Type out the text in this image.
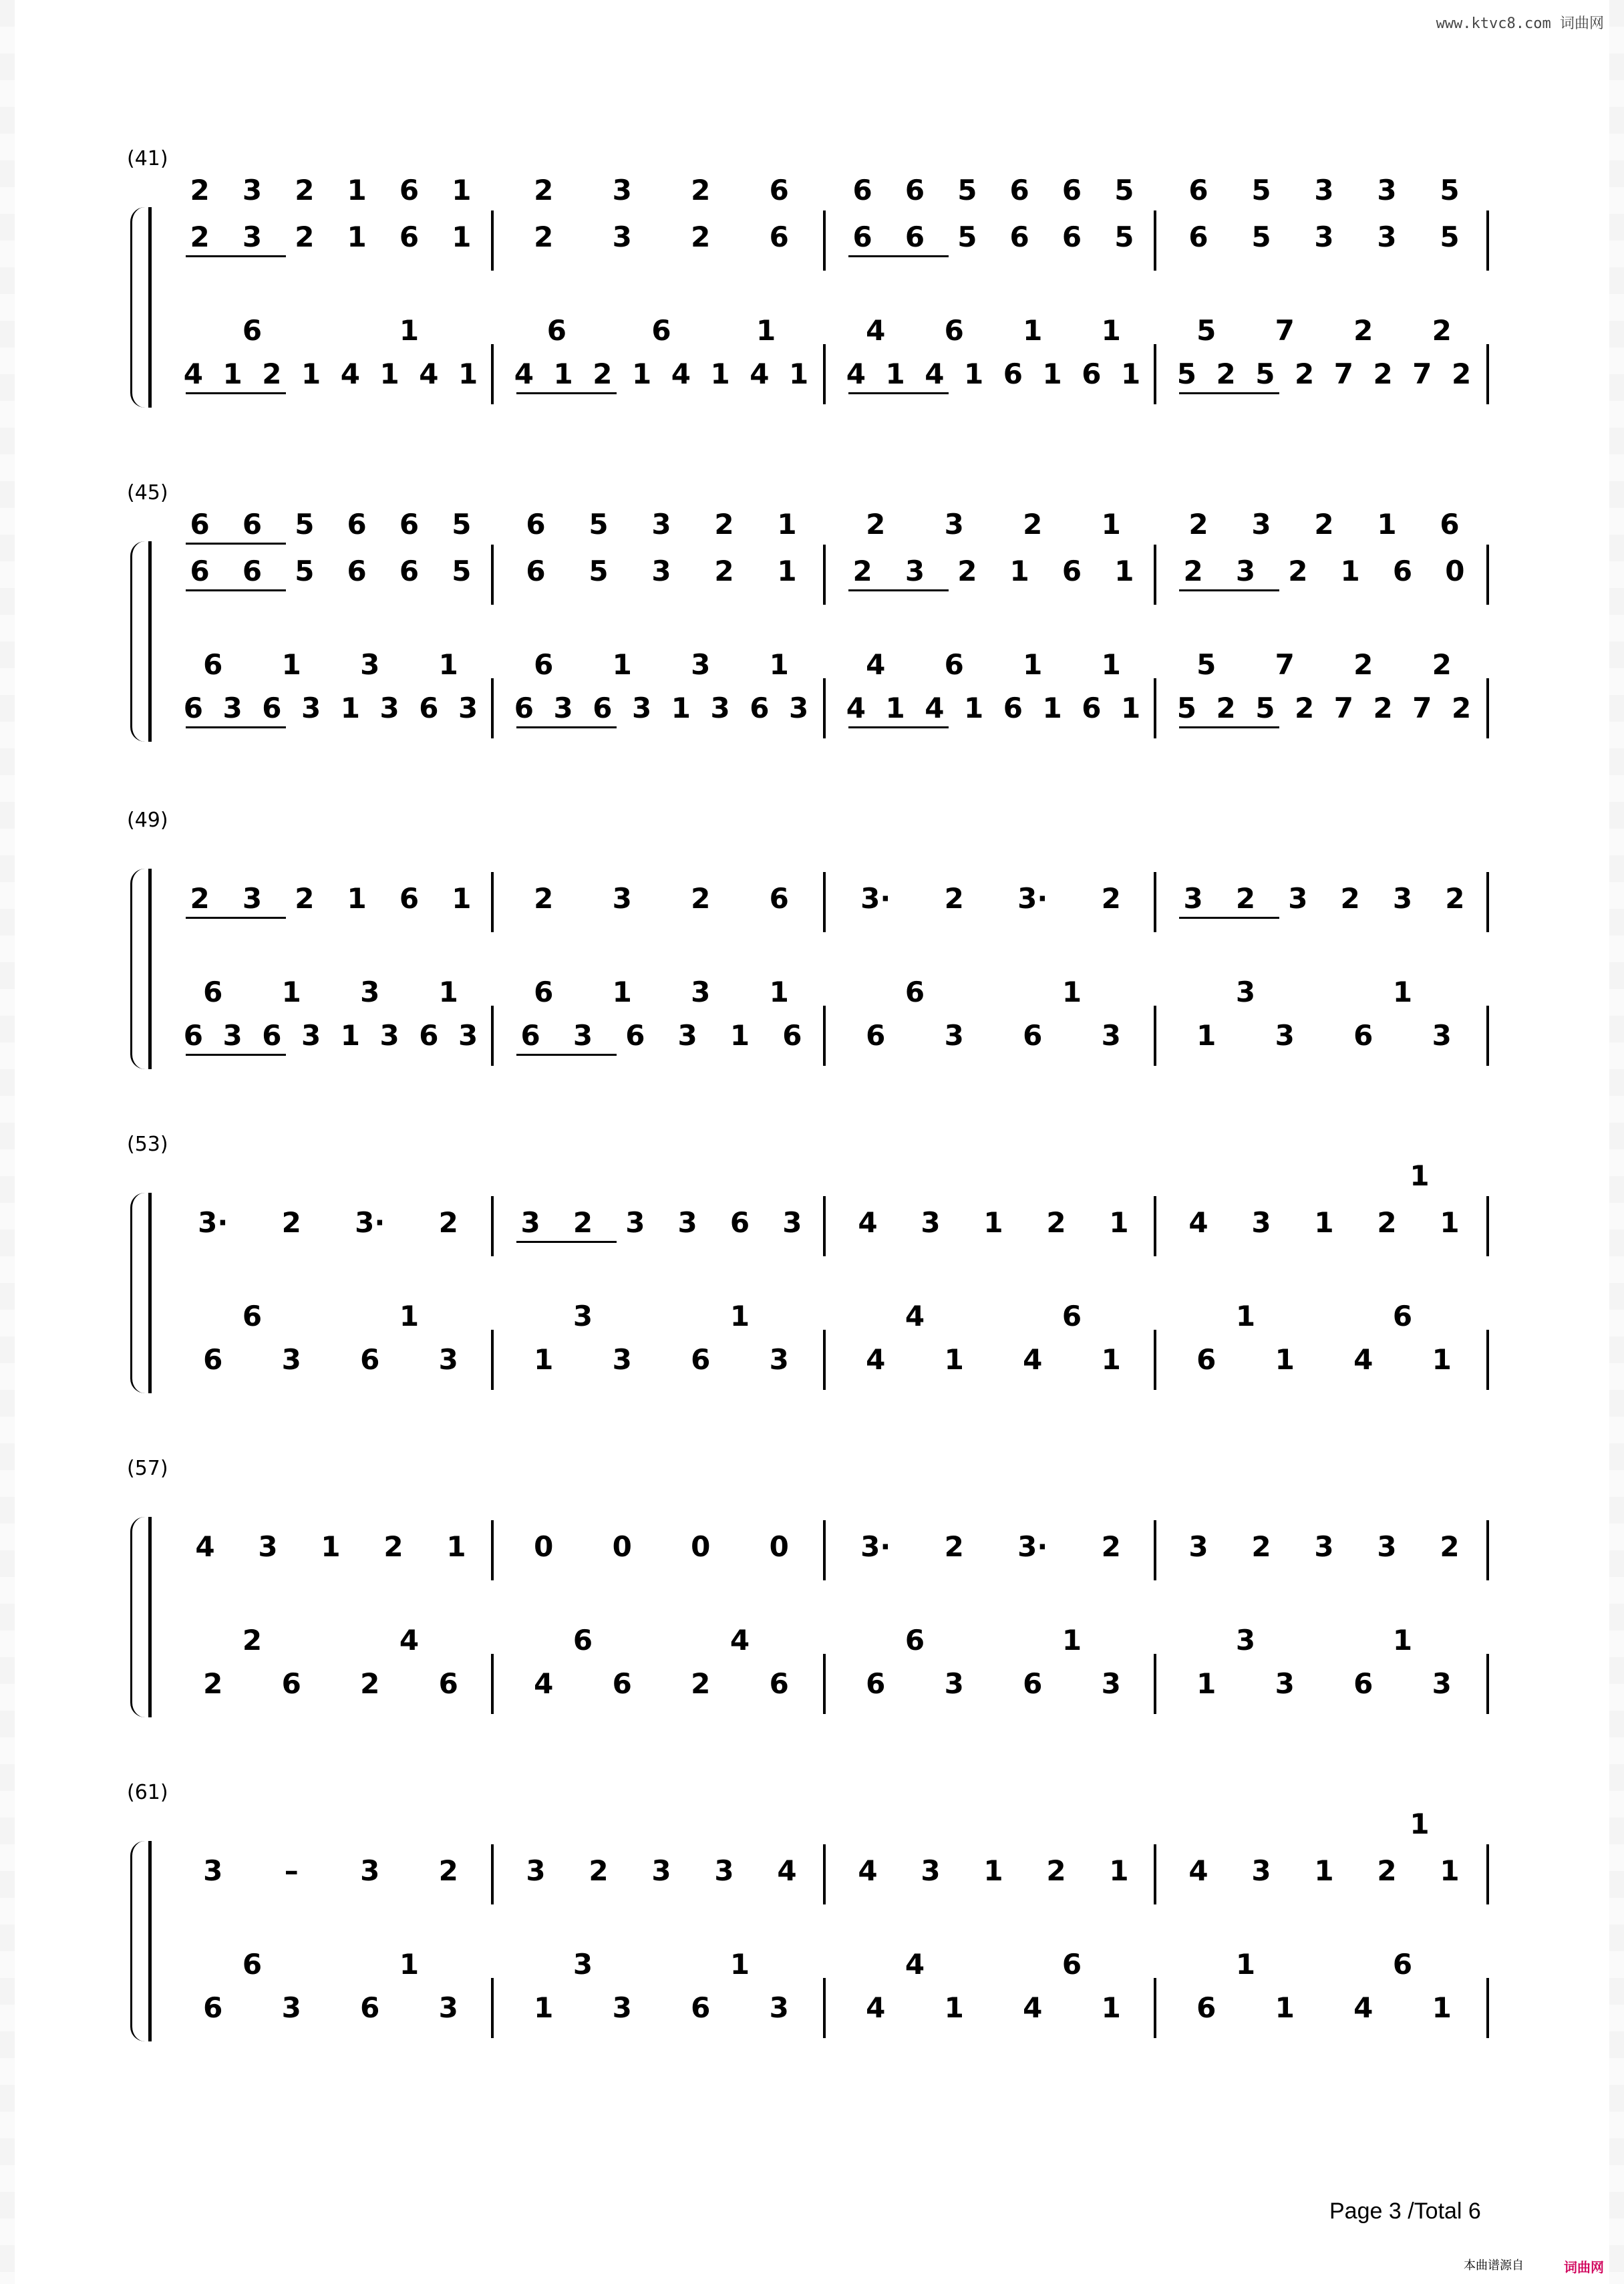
www.ktvc8.com 词曲网
(41)
2	3	2	1	6	1	2	3	2	6	6	6	5	6	6	5	6	5	3	3	5
6	1	6	6	1	4	6	1	1	5	7	2	2
4 1 2 1 4 1 4 1	4 1 2 1 4 1 4 1	4 1 4 1 6 1 6 1	5 2 5 2 7 2 7 2
2	3	2	1	6	1	2	3	2	6	6	6	5	6	6	5	6	5	3	3	5
(45)
6	6	5	6	6	5	6	5	3	2	1	2	3	2	1	2	3	2	1	6
6	6	5	6	6	5	6	5	3	2	1	2	3	2	1	6	1	2	3	2	1	6	0
6	1	3	1	6	1	3	1	4	6	1	1	5	7	2	2
6 3 6 3 1 3 6 3	6 3 6 3 1 3 6 3	4 1 4 1 6 1 6 1	5 2 5 2 7 2 7 2
(49)
2	3	2	1	6	1	2	3	2	6	3·	2	3·	2	3	2	3	2	3	2
6	1	3	1	6	1	3	1	6	1	3	1
6 3 6 3 1 3 6 3	6	3	6	3	1	6	6	3	6	3	1	3	6	3
(53)
3·	2	3·	2	3	2	3	3	6	3	4	3	1	2	1	4	3	1	2	1
1
6	1	3	1	4	6	1	6
6	3	6	3	1	3	6	3	4	1	4	1	6	1	4	1
(57)
4	3	1	2	1	0	0	0	0	3·	2	3·	2	3	2	3	3	2
2	4	6	4	6	1	3	1
2	6	2	6	4	6	2	6	6	3	6	3	1	3	6	3
(61)
3	–	3	2	3	2	3	3	4	4	3	1	2	1	4	3	1	2	1
1
6	1	3	1	4	6	1	6
6	3	6	3	1	3	6	3	4	1	4	1	6	1	4	1
Page 3 /Total 6
本曲谱源自	词曲网
